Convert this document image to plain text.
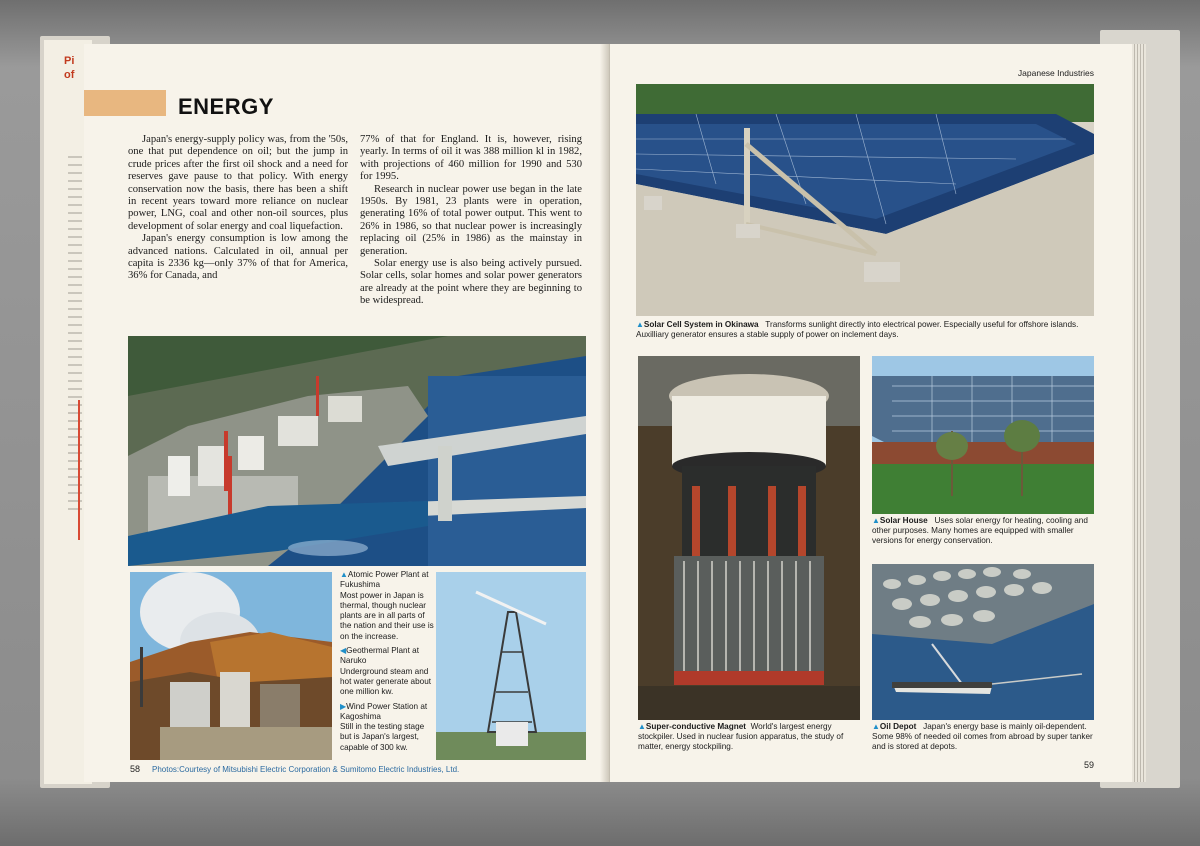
Pi
of
ENERGY

Japan's energy-supply policy was, from the '50s, one that put dependence on oil; but the jump in crude prices after the first oil shock and a need for reserves gave pause to that policy. With energy conservation now the basis, there has been a shift in recent years toward more reliance on nuclear power, LNG, coal and other non-oil sources, plus development of solar energy and coal liquefaction.

Japan's energy consumption is low among the advanced nations. Calculated in oil, annual per capita is 2336 kg—only 37% of that for America, 36% for Canada, and

77% of that for England. It is, however, rising yearly. In terms of oil it was 388 million kl in 1982, with projections of 460 million for 1990 and 530 for 1995.

Research in nuclear power use began in the late 1950s. By 1981, 23 plants were in operation, generating 16% of total power output. This went to 26% in 1986, so that nuclear power is increasingly replacing oil (25% in 1986) as the mainstay in generation.

Solar energy use is also being actively pursued. Solar cells, solar homes and solar power generators are already at the point where they are beginning to be widespread.

▲Atomic Power Plant at Fukushima
Most power in Japan is thermal, though nuclear plants are in all parts of the nation and their use is on the increase.
◀Geothermal Plant at Naruko
Underground steam and hot water generate about one million kw.
▶Wind Power Station at Kagoshima
Still in the testing stage but is Japan's largest, capable of 300 kw.
58 Photos:Courtesy of Mitsubishi Electric Corporation & Sumitomo Electric Industries, Ltd.
Japanese Industries
▲Solar Cell System in Okinawa Transforms sunlight directly into electrical power. Especially useful for offshore islands. Auxilliary generator ensures a stable supply of power on inclement days.
▲Super-conductive Magnet World's largest energy stockpiler. Used in nuclear fusion apparatus, the study of matter, energy stockpiling.
▲Solar House Uses solar energy for heating, cooling and other purposes. Many homes are equipped with smaller versions for energy conservation.
▲Oil Depot Japan's energy base is mainly oil-dependent. Some 98% of needed oil comes from abroad by super tanker and is stored at depots.
59
